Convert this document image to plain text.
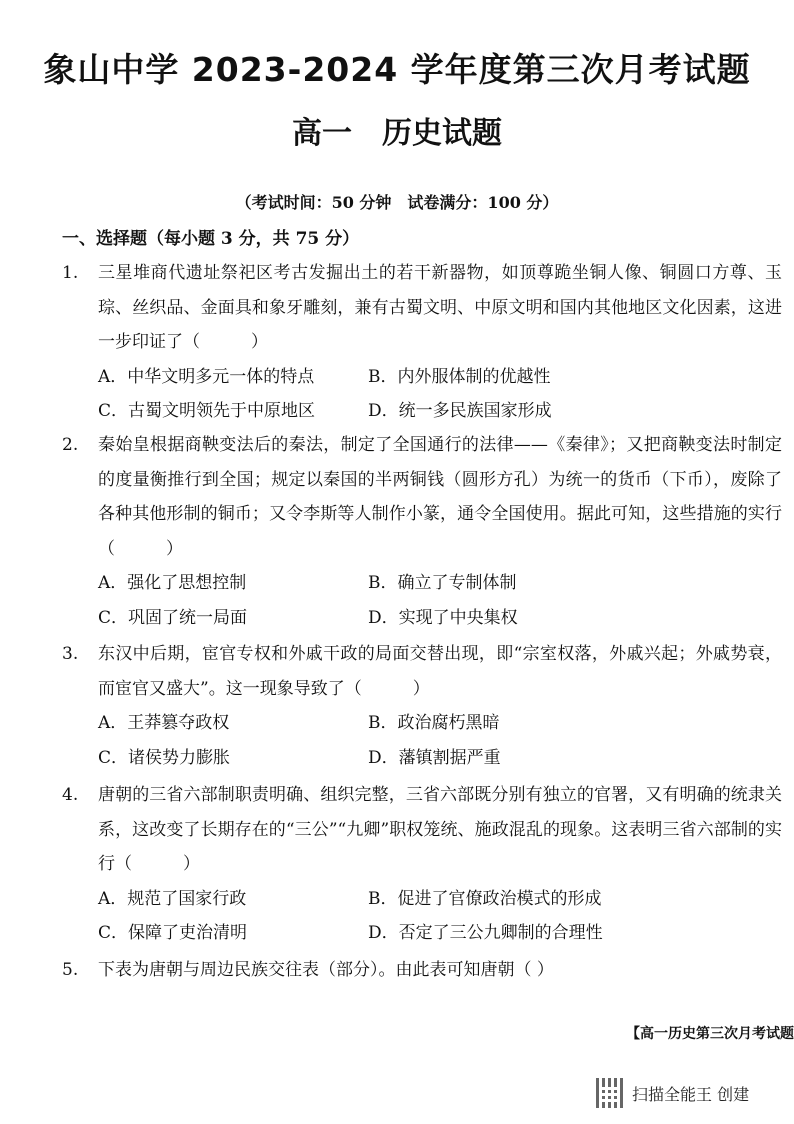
象山中学 2023-2024 学年度第三次月考试题
高一　历史试题
（考试时间：50 分钟　试卷满分：100 分）
一、选择题（每小题 3 分，共 75 分）
1.	三星堆商代遗址祭祀区考古发掘出土的若干新器物，如顶尊跪坐铜人像、铜圆口方尊、玉琮、丝织品、金面具和象牙雕刻，兼有古蜀文明、中原文明和国内其他地区文化因素，这进一步印证了（　　　）
A．中华文明多元一体的特点	B．内外服体制的优越性
C．古蜀文明领先于中原地区	D．统一多民族国家形成
2.	秦始皇根据商鞅变法后的秦法，制定了全国通行的法律——《秦律》；又把商鞅变法时制定的度量衡推行到全国；规定以秦国的半两铜钱（圆形方孔）为统一的货币（下币），废除了各种其他形制的铜币；又令李斯等人制作小篆，通令全国使用。据此可知，这些措施的实行（　　　）
A．强化了思想控制	B．确立了专制体制
C．巩固了统一局面	D．实现了中央集权
3.	东汉中后期，宦官专权和外戚干政的局面交替出现，即“宗室权落，外戚兴起；外戚势衰，而宦官又盛大”。这一现象导致了（　　　）
A．王莽篡夺政权	B．政治腐朽黑暗
C．诸侯势力膨胀	D．藩镇割据严重
4.	唐朝的三省六部制职责明确、组织完整，三省六部既分别有独立的官署，又有明确的统隶关系，这改变了长期存在的“三公”“九卿”职权笼统、施政混乱的现象。这表明三省六部制的实行（　　　）
A．规范了国家行政	B．促进了官僚政治模式的形成
C．保障了吏治清明	D．否定了三公九卿制的合理性
5.	下表为唐朝与周边民族交往表（部分）。由此表可知唐朝（ ）
【高一历史第三次月考试题
扫描全能王 创建
